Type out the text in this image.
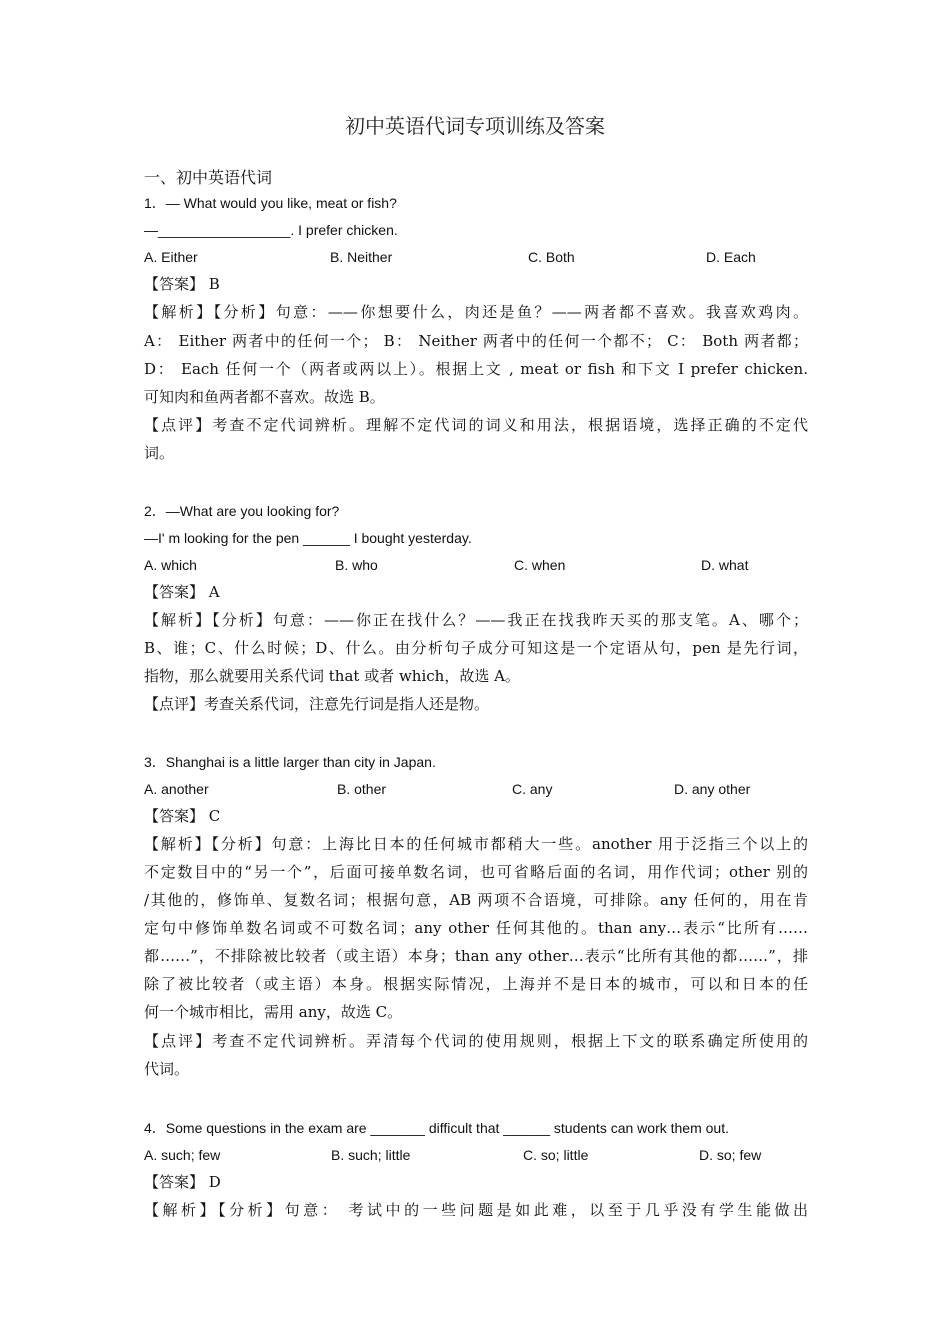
初中英语代词专项训练及答案
一、初中英语代词
1．— What would you like, meat or fish?
—_________________. I prefer chicken.
A. Either	B. Neither	C. Both	D. Each
【答案】 B
【解析】【分析】句意：——你想要什么，肉还是鱼？——两者都不喜欢。我喜欢鸡肉。
A： Either 两者中的任何一个； B： Neither 两者中的任何一个都不； C： Both 两者都；
D： Each 任何一个（两者或两以上）。根据上文 , meat or fish 和下文 I prefer chicken.
可知肉和鱼两者都不喜欢。故选 B。
【点评】考查不定代词辨析。理解不定代词的词义和用法，根据语境，选择正确的不定代
词。
2．—What are you looking for?
—I' m looking for the pen ______ I bought yesterday.
A. which	B. who	C. when	D. what
【答案】 A
【解析】【分析】句意：——你正在找什么？——我正在找我昨天买的那支笔。A、哪个；
B、谁；C、什么时候；D、什么。由分析句子成分可知这是一个定语从句，pen 是先行词，
指物，那么就要用关系代词 that 或者 which，故选 A。
【点评】考查关系代词，注意先行词是指人还是物。
3．Shanghai is a little larger than city in Japan.
A. another	B. other	C. any	D. any other
【答案】 C
【解析】【分析】句意：上海比日本的任何城市都稍大一些。another 用于泛指三个以上的
不定数目中的“另一个”，后面可接单数名词，也可省略后面的名词，用作代词；other 别的
/其他的，修饰单、复数名词；根据句意，AB 两项不合语境，可排除。any 任何的，用在肯
定句中修饰单数名词或不可数名词；any other 任何其他的。than any…表示“比所有……
都……”，不排除被比较者（或主语）本身；than any other…表示“比所有其他的都……”，排
除了被比较者（或主语）本身。根据实际情况，上海并不是日本的城市，可以和日本的任
何一个城市相比，需用 any，故选 C。
【点评】考查不定代词辨析。弄清每个代词的使用规则，根据上下文的联系确定所使用的
代词。
4．Some questions in the exam are _______ difficult that ______ students can work them out.
A. such; few	B. such; little	C. so; little	D. so; few
【答案】 D
【解析】【分析】句意： 考试中的一些问题是如此难，以至于几乎没有学生能做出
